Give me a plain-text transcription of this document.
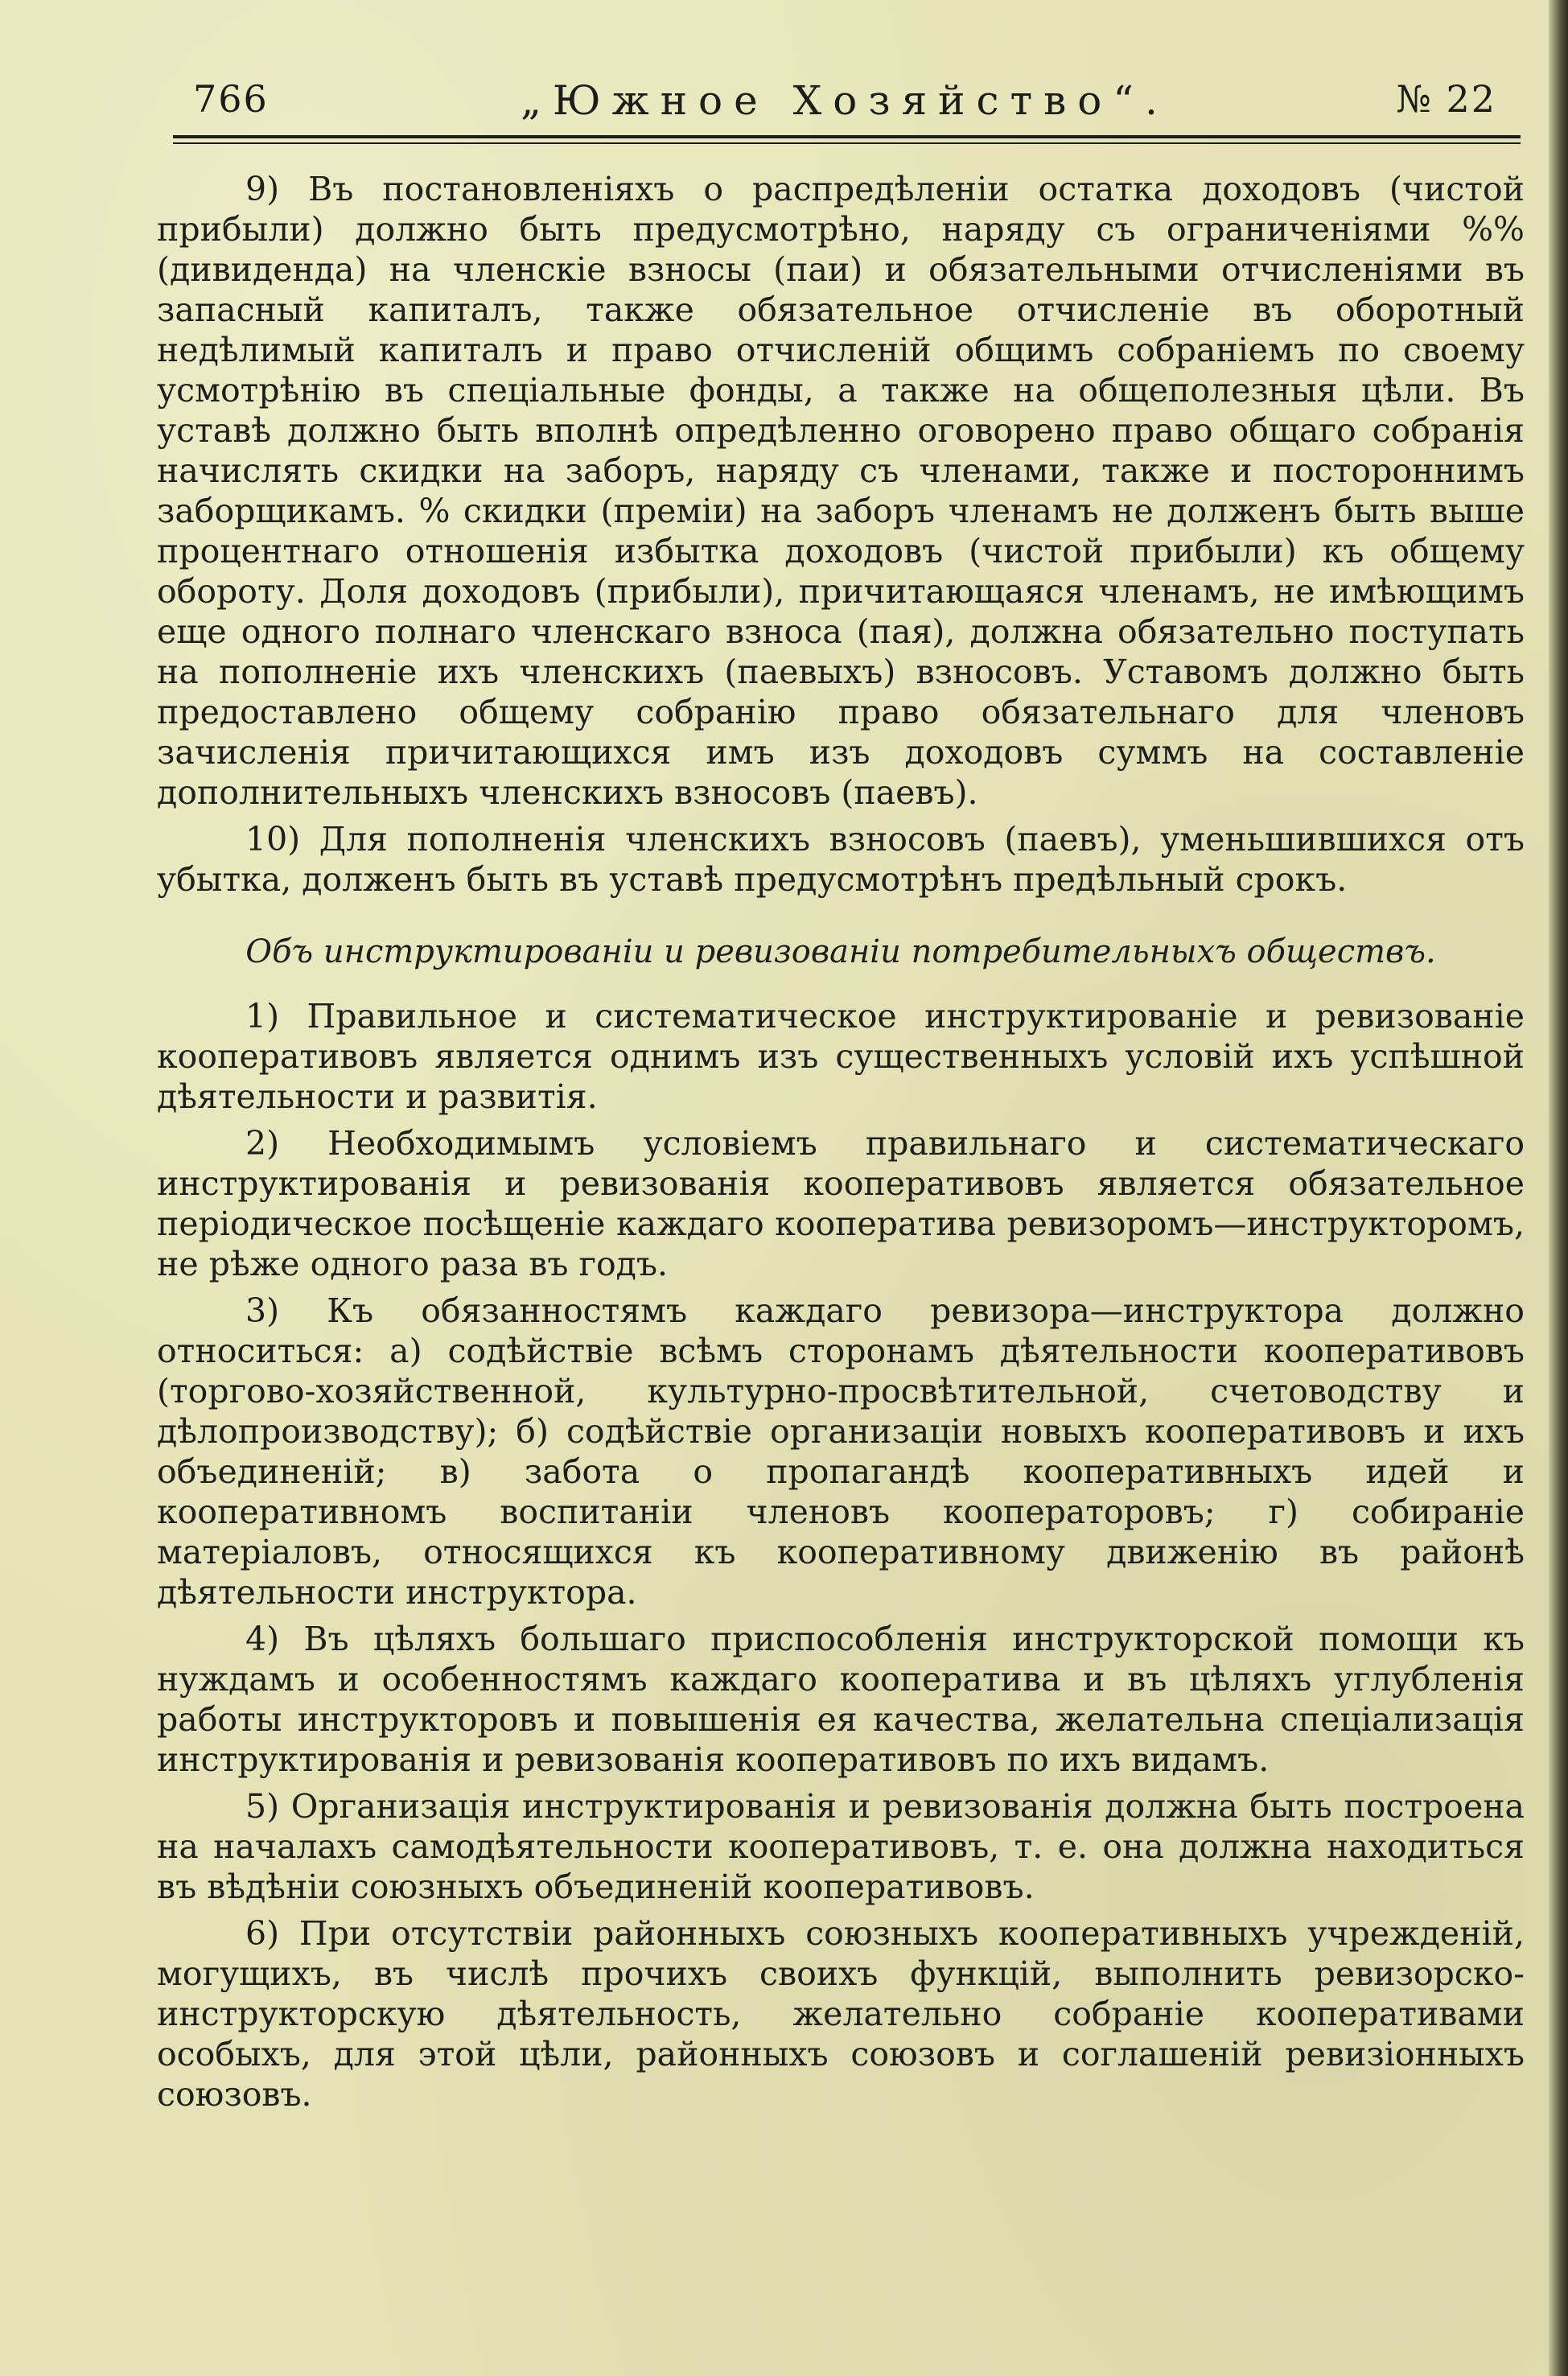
766	„Южное Хозяйство“.	№ 22

9) Въ постановленіяхъ о распредѣленіи остатка доходовъ (чистой прибыли) должно быть предусмотрѣно, наряду съ ограниченіями %% (дивиденда) на членскіе взносы (паи) и обязательными отчисленіями въ запасный капиталъ, также обязательное отчисленіе въ оборотный недѣлимый капиталъ и право отчисленій общимъ собраніемъ по своему усмотрѣнію въ спеціальные фонды, а также на общеполезныя цѣли. Въ уставѣ должно быть вполнѣ опредѣленно оговорено право общаго собранія начислять скидки на заборъ, наряду съ членами, также и постороннимъ заборщикамъ. % скидки (преміи) на заборъ членамъ не долженъ быть выше процентнаго отношенія избытка доходовъ (чистой прибыли) къ общему обороту. Доля доходовъ (прибыли), причитающаяся членамъ, не имѣющимъ еще одного полнаго членскаго взноса (пая), должна обязательно поступать на пополненіе ихъ членскихъ (паевыхъ) взносовъ. Уставомъ должно быть предоставлено общему собранію право обязательнаго для членовъ зачисленія причитающихся имъ изъ доходовъ суммъ на составленіе дополнительныхъ членскихъ взносовъ (паевъ).

10) Для пополненія членскихъ взносовъ (паевъ), уменьшившихся отъ убытка, долженъ быть въ уставѣ предусмотрѣнъ предѣльный срокъ.

Объ инструктированіи и ревизованіи потребительныхъ обществъ.

1) Правильное и систематическое инструктированіе и ревизованіе кооперативовъ является однимъ изъ существенныхъ условій ихъ успѣшной дѣятельности и развитія.

2) Необходимымъ условіемъ правильнаго и систематическаго инструктированія и ревизованія кооперативовъ является обязательное періодическое посѣщеніе каждаго кооператива ревизоромъ—инструкторомъ, не рѣже одного раза въ годъ.

3) Къ обязанностямъ каждаго ревизора—инструктора должно относиться: а) содѣйствіе всѣмъ сторонамъ дѣятельности кооперативовъ (торгово-хозяйственной, культурно-просвѣтительной, счетоводству и дѣлопроизводству); б) содѣйствіе организаціи новыхъ кооперативовъ и ихъ объединеній; в) забота о пропагандѣ кооперативныхъ идей и кооперативномъ воспитаніи членовъ кооператоровъ; г) собираніе матеріаловъ, относящихся къ кооперативному движенію въ районѣ дѣятельности инструктора.

4) Въ цѣляхъ большаго приспособленія инструкторской помощи къ нуждамъ и особенностямъ каждаго кооператива и въ цѣляхъ углубленія работы инструкторовъ и повышенія ея качества, желательна спеціализація инструктированія и ревизованія кооперативовъ по ихъ видамъ.

5) Организація инструктированія и ревизованія должна быть построена на началахъ самодѣятельности кооперативовъ, т. е. она должна находиться въ вѣдѣніи союзныхъ объединеній кооперативовъ.

6) При отсутствіи районныхъ союзныхъ кооперативныхъ учрежденій, могущихъ, въ числѣ прочихъ своихъ функцій, выполнить ревизорско-инструкторскую дѣятельность, желательно собраніе кооперативами особыхъ, для этой цѣли, районныхъ союзовъ и соглашеній ревизіонныхъ союзовъ.
